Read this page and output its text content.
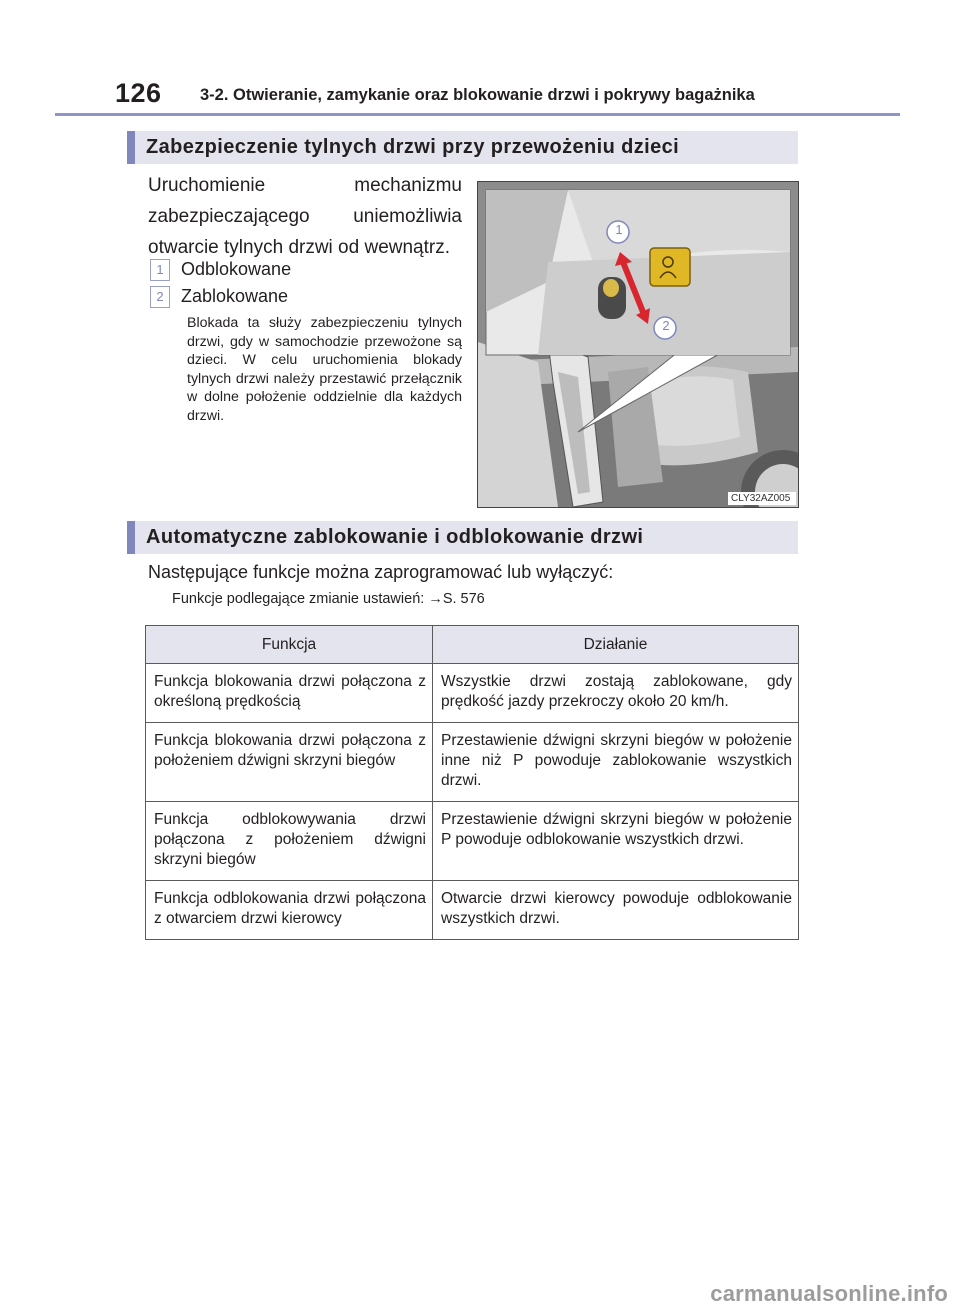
126 3-2. Otwieranie, zamykanie oraz blokowanie drzwi i pokrywy bagażnika
Zabezpieczenie tylnych drzwi przy przewożeniu dzieci
Uruchomienie mechanizmu zabezpieczającego uniemożliwia otwarcie tylnych drzwi od wewnątrz.
1 Odblokowane
2 Zablokowane
Blokada ta służy zabezpieczeniu tylnych drzwi, gdy w samochodzie przewożone są dzieci. W celu uruchomienia blokady tylnych drzwi należy przestawić przełącznik w dolne położenie oddzielnie dla każdych drzwi.
1
2
CLY32AZ005
Automatyczne zablokowanie i odblokowanie drzwi
Następujące funkcje można zaprogramować lub wyłączyć:
Funkcje podlegające zmianie ustawień: →S. 576
Funkcja	Działanie
Funkcja blokowania drzwi połączona z określoną prędkością	Wszystkie drzwi zostają zablokowane, gdy prędkość jazdy przekroczy około 20 km/h.
Funkcja blokowania drzwi połączona z położeniem dźwigni skrzyni biegów	Przestawienie dźwigni skrzyni biegów w położenie inne niż P powoduje zablokowanie wszystkich drzwi.
Funkcja odblokowywania drzwi połączona z położeniem dźwigni skrzyni biegów	Przestawienie dźwigni skrzyni biegów w położenie P powoduje odblokowanie wszystkich drzwi.
Funkcja odblokowania drzwi połączona z otwarciem drzwi kierowcy	Otwarcie drzwi kierowcy powoduje odblokowanie wszystkich drzwi.
carmanualsonline.info
